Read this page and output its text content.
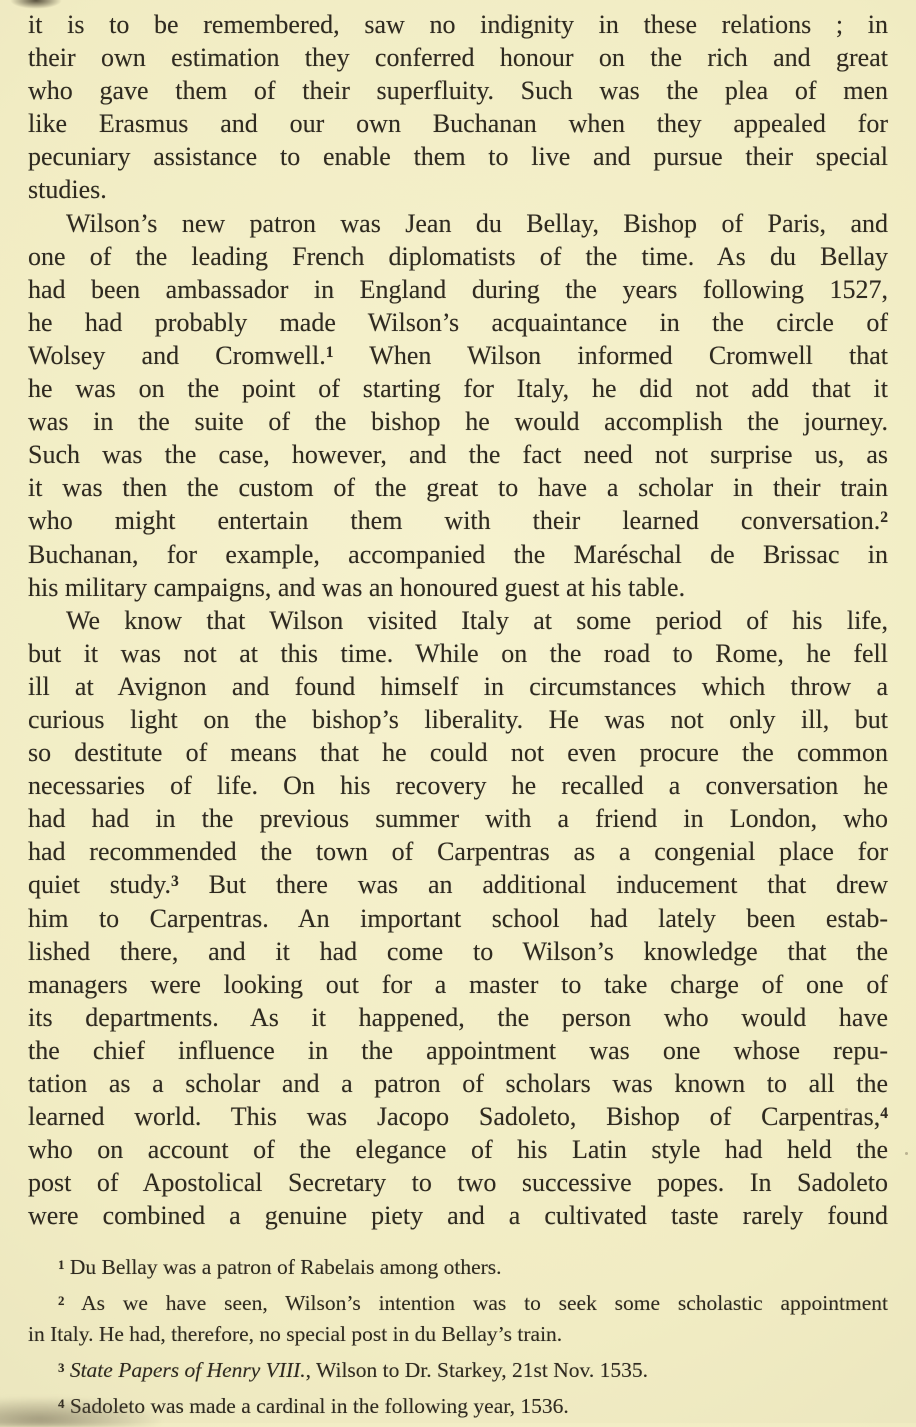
it is to be remembered, saw no indignity in these relations ; in
their own estimation they conferred honour on the rich and great
who gave them of their superfluity. Such was the plea of men
like Erasmus and our own Buchanan when they appealed for
pecuniary assistance to enable them to live and pursue their special
studies.
Wilson’s new patron was Jean du Bellay, Bishop of Paris, and
one of the leading French diplomatists of the time. As du Bellay
had been ambassador in England during the years following 1527,
he had probably made Wilson’s acquaintance in the circle of
Wolsey and Cromwell.$^1$ When Wilson informed Cromwell that
he was on the point of starting for Italy, he did not add that it
was in the suite of the bishop he would accomplish the journey.
Such was the case, however, and the fact need not surprise us, as
it was then the custom of the great to have a scholar in their train
who might entertain them with their learned conversation.$^2$
Buchanan, for example, accompanied the Maréschal de Brissac in
his military campaigns, and was an honoured guest at his table.
We know that Wilson visited Italy at some period of his life,
but it was not at this time. While on the road to Rome, he fell
ill at Avignon and found himself in circumstances which throw a
curious light on the bishop’s liberality. He was not only ill, but
so destitute of means that he could not even procure the common
necessaries of life. On his recovery he recalled a conversation he
had had in the previous summer with a friend in London, who
had recommended the town of Carpentras as a congenial place for
quiet study.$^3$ But there was an additional inducement that drew
him to Carpentras. An important school had lately been estab-
lished there, and it had come to Wilson’s knowledge that the
managers were looking out for a master to take charge of one of
its departments. As it happened, the person who would have
the chief influence in the appointment was one whose repu-
tation as a scholar and a patron of scholars was known to all the
learned world. This was Jacopo Sadoleto, Bishop of Carpentras,$^4$
who on account of the elegance of his Latin style had held the
post of Apostolical Secretary to two successive popes. In Sadoleto
were combined a genuine piety and a cultivated taste rarely found
$^1$ Du Bellay was a patron of Rabelais among others.
$^2$ As we have seen, Wilson’s intention was to seek some scholastic appointment
in Italy. He had, therefore, no special post in du Bellay’s train.
$^3$ State Papers of Henry VIII., Wilson to Dr. Starkey, 21st Nov. 1535.
$^4$ Sadoleto was made a cardinal in the following year, 1536.
